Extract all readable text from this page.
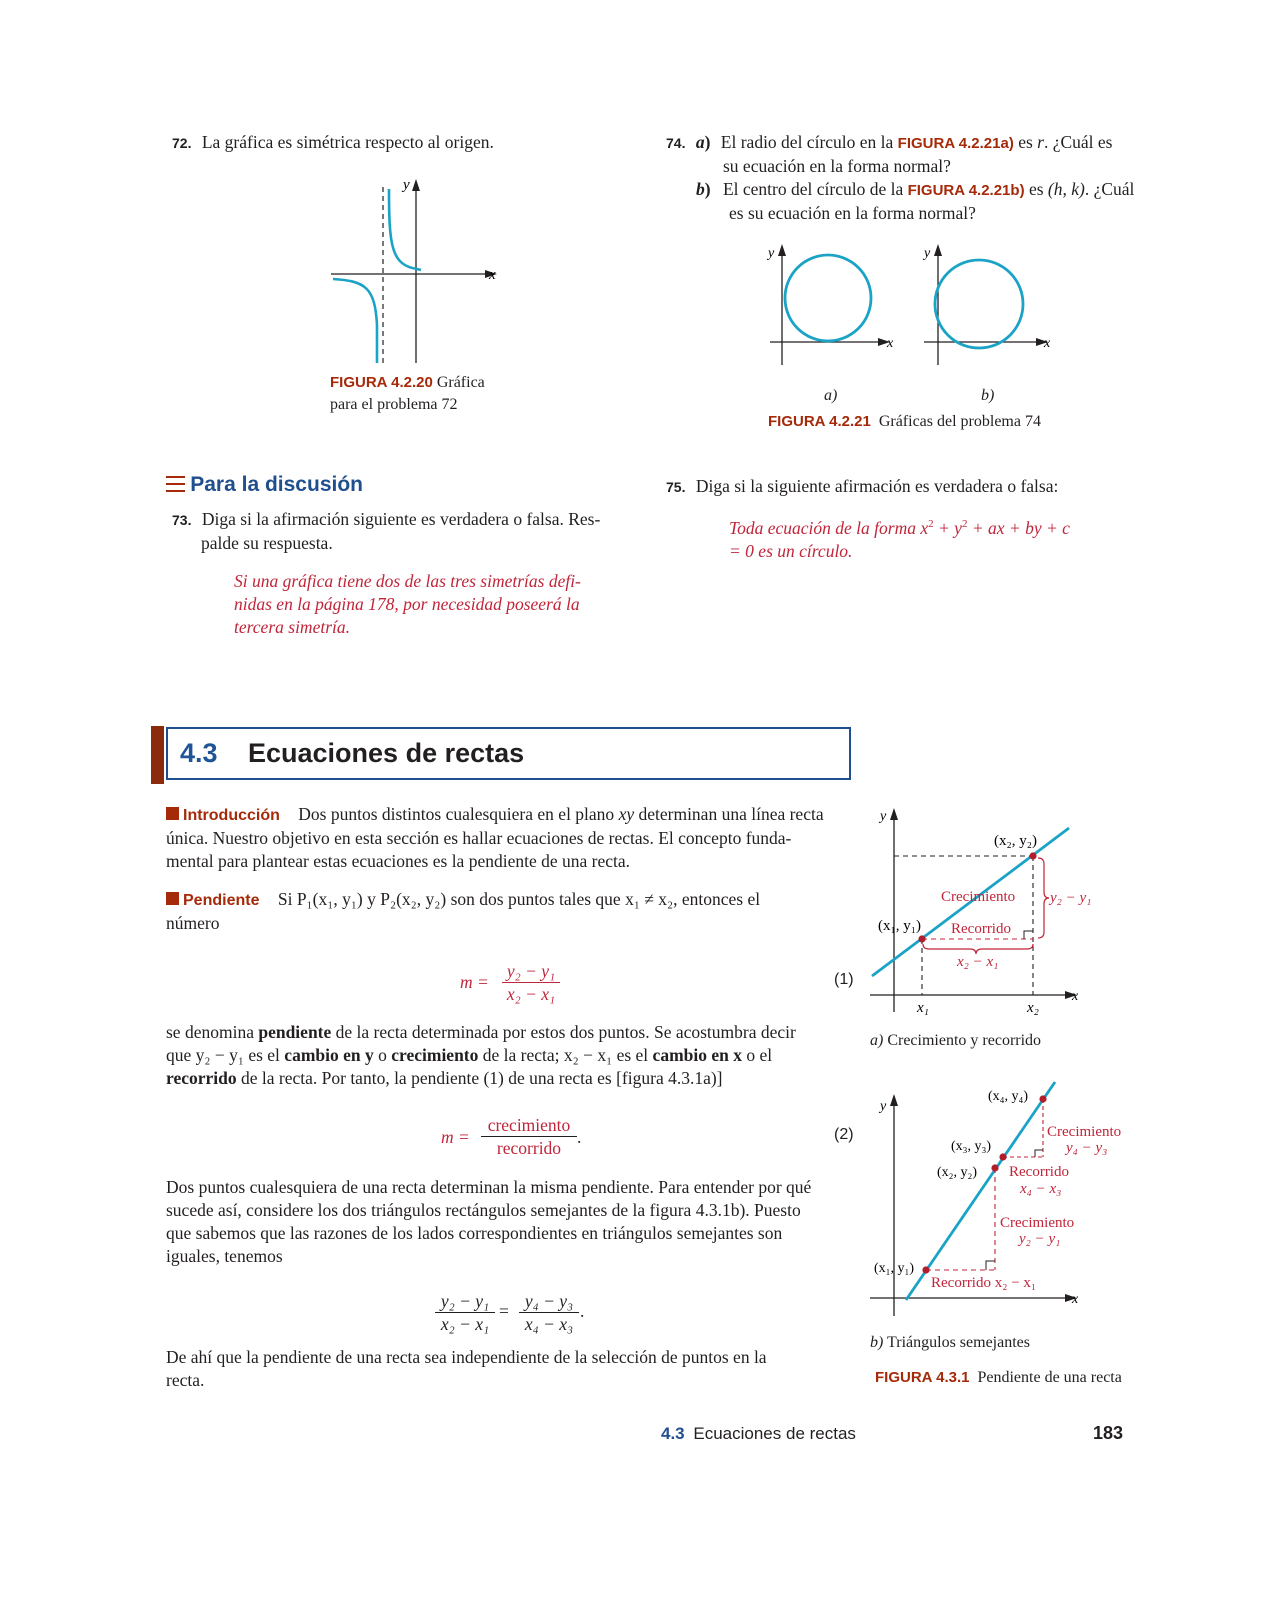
72. La gráfica es simétrica respecto al origen.
x
y
FIGURA 4.2.20 Gráfica
para el problema 72
74. a) El radio del círculo en la FIGURA 4.2.21a) es r. ¿Cuál es
su ecuación en la forma normal?
b) El centro del círculo de la FIGURA 4.2.21b) es (h, k). ¿Cuál
es su ecuación en la forma normal?
x
y
x
y
a)	b)
FIGURA 4.2.21 Gráficas del problema 74
Para la discusión
73. Diga si la afirmación siguiente es verdadera o falsa. Res-
palde su respuesta.
Si una gráfica tiene dos de las tres simetrías defi-
nidas en la página 178, por necesidad poseerá la
tercera simetría.
75. Diga si la siguiente afirmación es verdadera o falsa:
Toda ecuación de la forma $x^2 + y^2$ + ax + by + c
= 0 es un círculo.
4.3 Ecuaciones de rectas
Introducción Dos puntos distintos cualesquiera en el plano xy determinan una línea recta
única. Nuestro objetivo en esta sección es hallar ecuaciones de rectas. El concepto funda-
mental para plantear estas ecuaciones es la pendiente de una recta.
Pendiente Si P₁(x₁, y₁) y P₂(x₂, y₂) son dos puntos tales que x₁ ≠ x₂, entonces el
número
$m = \frac{\text{y₂ − y₁}}{\text{x₂ − x₁}}$	(1)
se denomina pendiente de la recta determinada por estos dos puntos. Se acostumbra decir
que y₂ − y₁ es el cambio en y o crecimiento de la recta; x₂ − x₁ es el cambio en x o el
recorrido de la recta. Por tanto, la pendiente (1) de una recta es [figura 4.3.1a)]
m =
crecimiento
recorrido
.	(2)
Dos puntos cualesquiera de una recta determinan la misma pendiente. Para entender por qué
sucede así, considere los dos triángulos rectángulos semejantes de la figura 4.3.1b). Puesto
que sabemos que las razones de los lados correspondientes en triángulos semejantes son
iguales, tenemos
$\frac{\text{y₂ − y₁}}{\text{x₂ − x₁}} = \frac{\text{y₄ − y₃}}{\text{x₄ − x₃}}$ .
De ahí que la pendiente de una recta sea independiente de la selección de puntos en la
recta.
x
y
(x₂, y₂)
(x₁, y₁)
Crecimiento
Recorrido
y₂ − y₁
x₂ − x₁
x₁	x₂
a) Crecimiento y recorrido
x
y
(x₄, y₄)
(x₃, y₃)
(x₂, y₂)
(x₁, y₁)
Crecimiento
y₄ − y₃
Recorrido
x₄ − x₃
Crecimiento
y₂ − y₁
Recorrido x₂ − x₁
b) Triángulos semejantes
FIGURA 4.3.1 Pendiente de una recta
4.3 Ecuaciones de rectas	183
